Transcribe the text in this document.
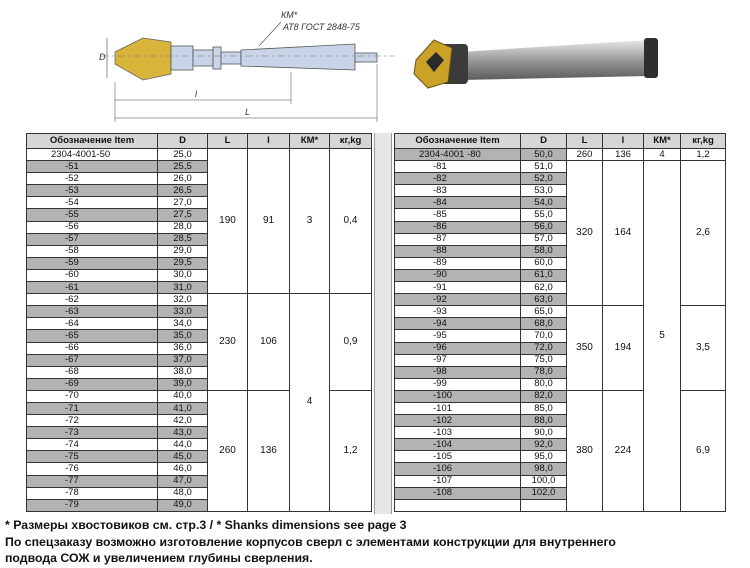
D
l
L
КМ*
АТ8 ГОСТ 2848-75
Обозначение Item	D	L	l	КМ*	кг,kg
2304-4001-50	25,0	190	91	3	0,4
-51	25,5				
-52	26,0				
-53	26,5				
-54	27,0				
-55	27,5				
-56	28,0				
-57	28,5				
-58	29,0				
-59	29,5				
-60	30,0				
-61	31,0				
-62	32,0	230	106	4	0,9
-63	33,0				
-64	34,0				
-65	35,0				
-66	36,0				
-67	37,0				
-68	38,0				
-69	39,0				
-70	40,0	260	136		1,2
-71	41,0				
-72	42,0				
-73	43,0				
-74	44,0				
-75	45,0				
-76	46,0				
-77	47,0				
-78	48,0				
-79	49,0				
Обозначение Item	D	L	l	КМ*	кг,kg
2304-4001 -80	50,0	260	136	4	1,2
-81	51,0	320	164	5	2,6
-82	52,0				
-83	53,0				
-84	54,0				
-85	55,0				
-86	56,0				
-87	57,0				
-88	58,0				
-89	60,0				
-90	61,0				
-91	62,0				
-92	63,0				
-93	65,0	350	194		3,5
-94	68,0				
-95	70,0				
-96	72,0				
-97	75,0				
-98	78,0				
-99	80,0				
-100	82,0	380	224		6,9
-101	85,0				
-102	88,0				
-103	90,0				
-104	92,0				
-105	95,0				
-106	98,0				
-107	100,0				
-108	102,0				

* Размеры хвостовиков см. стр.3 / * Shanks dimensions see page 3
По спецзаказу возможно изготовление корпусов сверл с элементами конструкции для внутреннего
подвода СОЖ и увеличением глубины сверления.
